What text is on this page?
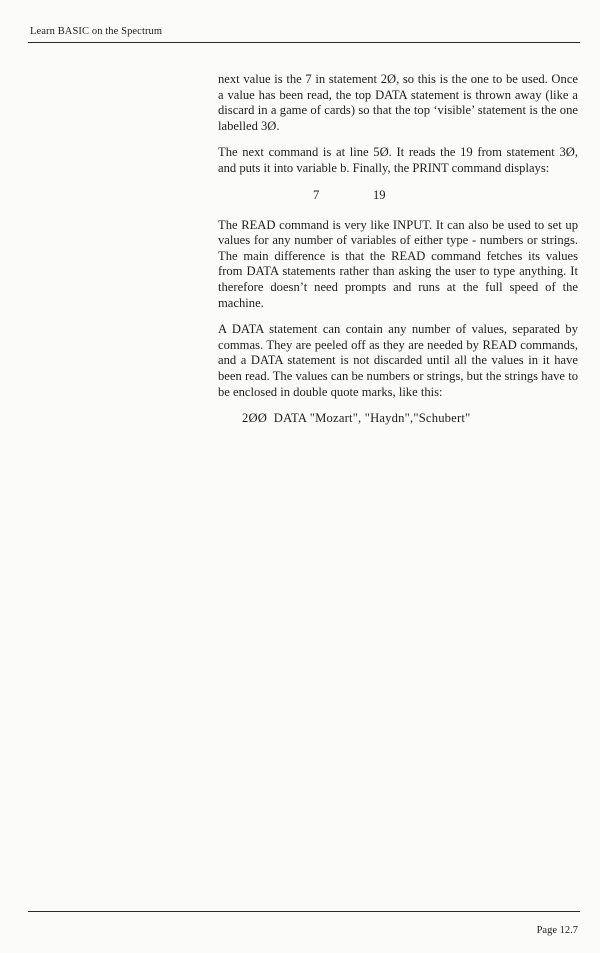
Learn BASIC on the Spectrum

next value is the 7 in statement 2Ø, so this is the one to be used. Once a value has been read, the top DATA statement is thrown away (like a discard in a game of cards) so that the top ‘visible’ statement is the one labelled 3Ø.

The next command is at line 5Ø. It reads the 19 from statement 3Ø, and puts it into variable b. Finally, the PRINT command displays:

7	19

The READ command is very like INPUT. It can also be used to set up values for any number of variables of either type - numbers or strings. The main difference is that the READ command fetches its values from DATA statements rather than asking the user to type anything. It therefore doesn’t need prompts and runs at the full speed of the machine.

A DATA statement can contain any number of values, separated by commas. They are peeled off as they are needed by READ commands, and a DATA statement is not discarded until all the values in it have been read. The values can be numbers or strings, but the strings have to be enclosed in double quote marks, like this:

2ØØ  DATA "Mozart", "Haydn","Schubert"
Page 12.7
